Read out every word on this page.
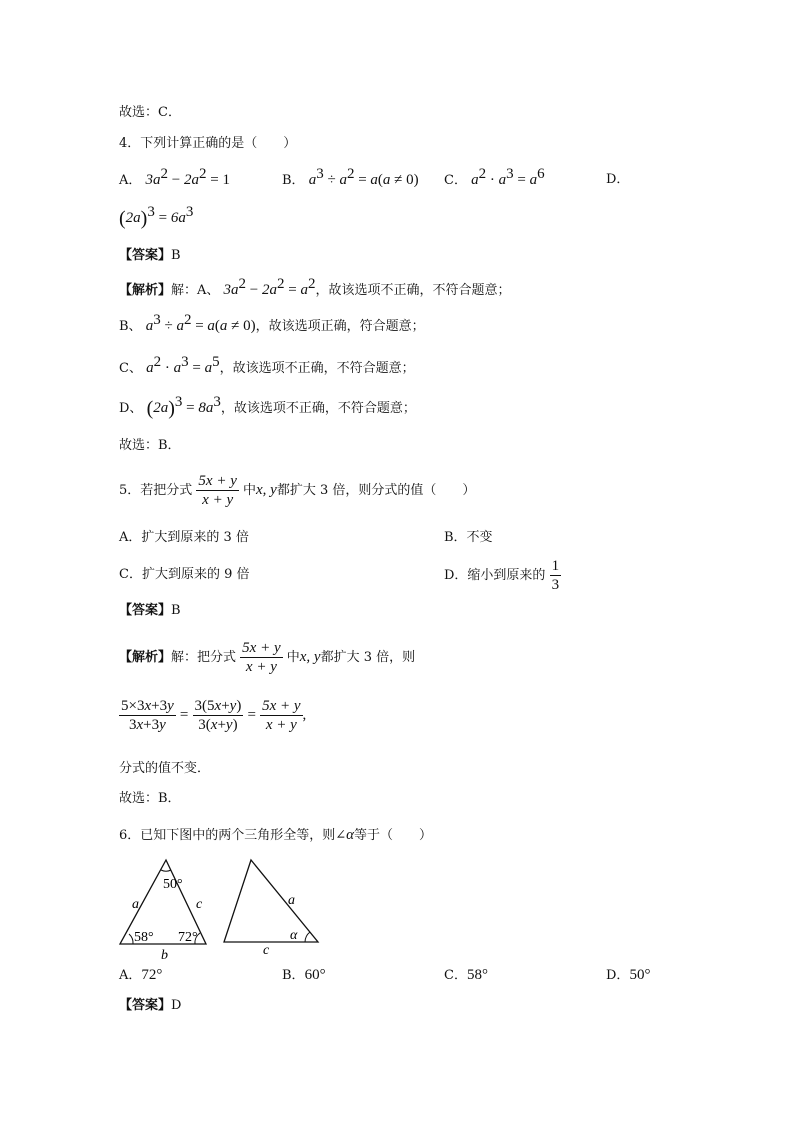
故选：C．
4．下列计算正确的是（　　）
A． $3a^2 - 2a^2 = 1$	B． $a^3 \div a^2 = a(a \ne 0)$ C． $a^2 \cdot a^3 = a^6$	D．
$(2a)^3 = 6a^3$
【答案】B
【解析】解：A、 $3a^2 - 2a^2 = a^2$，故该选项不正确，不符合题意；
B、 $a^3 \div a^2 = a(a \ne 0)$，故该选项正确，符合题意；
C、 $a^2 \cdot a^3 = a^5$，故该选项不正确，不符合题意；
D、 $(2a)^3 = 8a^3$，故该选项不正确，不符合题意；
故选：B．
5．若把分式 $\frac{5x + y}{x + y}$ 中x, y都扩大 3 倍，则分式的值（　　）
A．扩大到原来的 3 倍	B．不变
C．扩大到原来的 9 倍	D．缩小到原来的 $\frac{1}{3}$
【答案】B
【解析】解：把分式 $\frac{5x + y}{x + y}$ 中x, y都扩大 3 倍，则
$\frac{5\times 3x+3y}{3x+3y} = \frac{3(5x+y)}{3(x+y)} = \frac{5x + y}{x + y}$ ,
分式的值不变．
故选：B．
6．已知下图中的两个三角形全等，则∠α等于（　　）
50°
58° 72°
a	c
b
a
c
α
A．72°	B．60°	C．58°	D．50°
【答案】D
